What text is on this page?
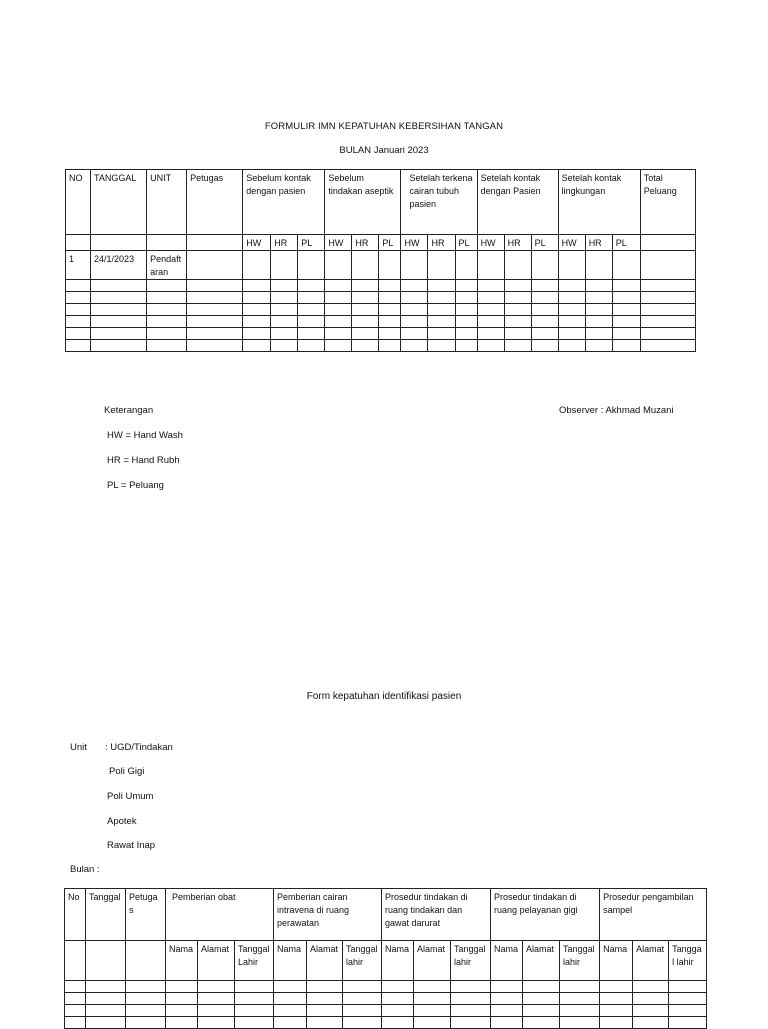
FORMULIR IMN KEPATUHAN KEBERSIHAN TANGAN
BULAN Januari 2023
NO	TANGGAL	UNIT	Petugas	Sebelum kontak dengan pasien			Sebelum tindakan aseptik			Setelah terkena cairan tubuh pasien			Setelah kontak dengan Pasien			Setelah kontak lingkungan			Total Peluang
				HW	HR	PL	HW	HR	PL	HW	HR	PL	HW	HR	PL	HW	HR	PL	
1	24/1/2023	Pendaftaran																	

Keterangan
HW = Hand Wash
HR = Hand Rubh
PL = Peluang
Observer : Akhmad Muzani
Form kepatuhan identifikasi pasien
Unit : UGD/Tindakan
Poli Gigi
Poli Umum
Apotek
Rawat Inap
Bulan :
No	Tanggal	Petugas	Pemberian obat			Pemberian cairan intravena di ruang perawatan			Prosedur tindakan di ruang tindakan dan gawat darurat			Prosedur tindakan di ruang pelayanan gigi			Prosedur pengambilan sampel		
			Nama	Alamat	Tanggal Lahir	Nama	Alamat	Tanggal lahir	Nama	Alamat	Tanggal lahir	Nama	Alamat	Tanggal lahir	Nama	Alamat	Tanggal lahir
